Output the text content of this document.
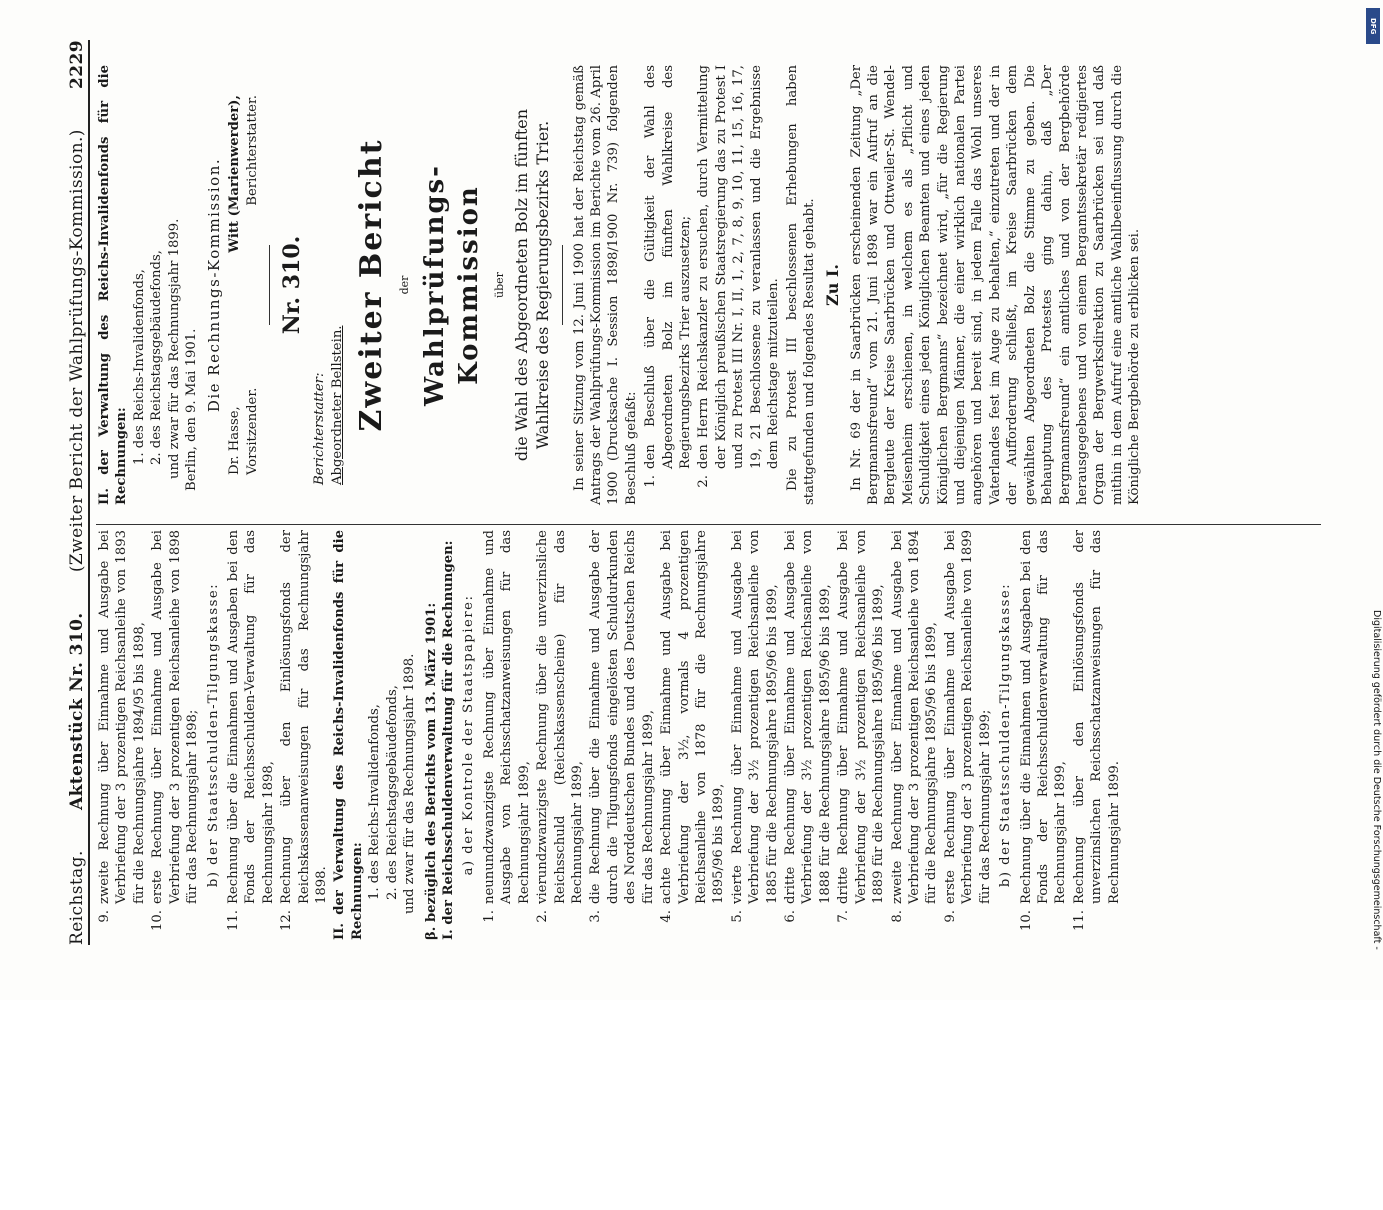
Reichstag.
Aktenstück Nr. 310.
(Zweiter Bericht der Wahlprüfungs-Kommission.)
2229
9.
zweite Rechnung über Einnahme und Ausgabe bei Verbriefung der 3 prozentigen Reichsanleihe von 1893 für die Rechnungsjahre 1894/95 bis 1898,
10.
erste Rechnung über Einnahme und Ausgabe bei Verbriefung der 3 prozentigen Reichsanleihe von 1898 für das Rechnungsjahr 1898; b) der Staatsschulden-Tilgungskasse:
11.
Rechnung über die Einnahmen und Ausgaben bei den Fonds der Reichsschulden-Verwaltung für das Rechnungsjahr 1898,
12.
Rechnung über den Einlösungsfonds der Reichskassenanweisungen für das Rechnungsjahr 1898. II. der Verwaltung des Reichs-Invalidenfonds für die Rechnungen: 1. des Reichs-Invalidenfonds, 2. des Reichstagsgebäudefonds, und zwar für das Rechnungsjahr 1898. β. bezüglich des Berichts vom 13. März 1901: I. der Reichsschuldenverwaltung für die Rechnungen: a) der Kontrole der Staatspapiere:
1.
neunundzwanzigste Rechnung über Einnahme und Ausgabe von Reichsschatzanweisungen für das Rechnungsjahr 1899,
2.
vierundzwanzigste Rechnung über die unverzinsliche Reichsschuld (Reichskassenscheine) für das Rechnungsjahr 1899,
3.
die Rechnung über die Einnahme und Ausgabe der durch die Tilgungsfonds eingelösten Schuldurkunden des Norddeutschen Bundes und des Deutschen Reichs für das Rechnungsjahr 1899,
4.
achte Rechnung über Einnahme und Ausgabe bei Verbriefung der 3½, vormals 4 prozentigen Reichsanleihe von 1878 für die Rechnungsjahre 1895/96 bis 1899,
5.
vierte Rechnung über Einnahme und Ausgabe bei Verbriefung der 3½ prozentigen Reichsanleihe von 1885 für die Rechnungsjahre 1895/96 bis 1899,
6.
dritte Rechnung über Einnahme und Ausgabe bei Verbriefung der 3½ prozentigen Reichsanleihe von 1888 für die Rechnungsjahre 1895/96 bis 1899,
7.
dritte Rechnung über Einnahme und Ausgabe bei Verbriefung der 3½ prozentigen Reichsanleihe von 1889 für die Rechnungsjahre 1895/96 bis 1899,
8.
zweite Rechnung über Einnahme und Ausgabe bei Verbriefung der 3 prozentigen Reichsanleihe von 1894 für die Rechnungsjahre 1895/96 bis 1899,
9.
erste Rechnung über Einnahme und Ausgabe bei Verbriefung der 3 prozentigen Reichsanleihe von 1899 für das Rechnungsjahr 1899; b) der Staatsschulden-Tilgungskasse:
10.
Rechnung über die Einnahmen und Ausgaben bei den Fonds der Reichsschuldenverwaltung für das Rechnungsjahr 1899,
11.
Rechnung über den Einlösungsfonds der unverzinslichen Reichsschatzanweisungen für das Rechnungsjahr 1899.
II. der Verwaltung des Reichs-Invalidenfonds für die Rechnungen: 1. des Reichs-Invalidenfonds, 2. des Reichstagsgebäudefonds, und zwar für das Rechnungsjahr 1899. Berlin, den 9. Mai 1901. Die Rechnungs-Kommission.
Dr. Hasse, Vorsitzender.
Witt (Marienwerder), Berichterstatter.
Nr. 310.
Berichterstatter: Abgeordneter Bellstein. Zweiter Bericht der Wahlprüfungs-Kommission über die Wahl des Abgeordneten Bolz im fünften Wahlkreise des Regierungsbezirks Trier. In seiner Sitzung vom 12. Juni 1900 hat der Reichstag gemäß Antrags der Wahlprüfungs-Kommission im Berichte vom 26. April 1900 (Drucksache I. Session 1898/1900 Nr. 739) folgenden Beschluß gefaßt: 1.
den Beschluß über die Gültigkeit der Wahl des Abgeordneten Bolz im fünften Wahlkreise des Regierungsbezirks Trier auszusetzen;
2.
den Herrn Reichskanzler zu ersuchen, durch Vermittelung der Königlich preußischen Staatsregierung das zu Protest I und zu Protest III Nr. I, II, 1, 2, 7, 8, 9, 10, 11, 15, 16, 17, 19, 21 Beschlossene zu veranlassen und die Ergebnisse dem Reichstage mitzuteilen. Die zu Protest III beschlossenen Erhebungen haben stattgefunden und folgendes Resultat gehabt. Zu I. In Nr. 69 der in Saarbrücken erscheinenden Zeitung „Der Bergmannsfreund“ vom 21. Juni 1898 war ein Aufruf an die Bergleute der Kreise Saarbrücken und Ottweiler-St. Wendel-Meisenheim erschienen, in welchem es als „Pflicht und Schuldigkeit eines jeden Königlichen Beamten und eines jeden Königlichen Bergmanns“ bezeichnet wird, „für die Regierung und diejenigen Männer, die einer wirklich nationalen Partei angehören und bereit sind, in jedem Falle das Wohl unseres Vaterlandes fest im Auge zu behalten,“ einzutreten und der in der Aufforderung schließt, im Kreise Saarbrücken dem gewählten Abgeordneten Bolz die Stimme zu geben. Die Behauptung des Protestes ging dahin, daß „Der Bergmannsfreund“ ein amtliches und von der Bergbehörde herausgegebenes und von einem Bergamtssekretär redigiertes Organ der Bergwerksdirektion zu Saarbrücken sei und daß mithin in dem Aufruf eine amtliche Wahlbeeinflussung durch die Königliche Bergbehörde zu erblicken sei.

DFG
Digitalisierung gefördert durch die Deutsche Forschungsgemeinschaft -
